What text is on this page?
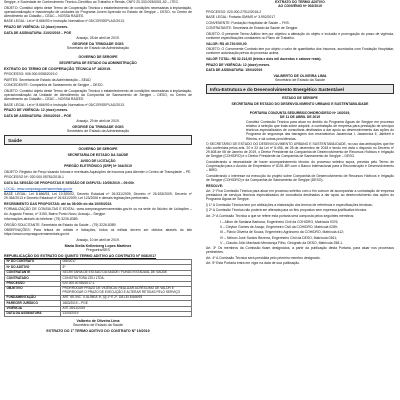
Sergipe, e Sociedade de Conhecimento Técnico-Científico ao Trabalho e Renda, CNPJ 20.333.093/0001-52 – ITEC.

OBJETO: Constitui objeto deste Termo de Cooperação Técnica o estabelecimento de condições necessárias à implantação, operacionalização e manutenção de unidades do Programa Jovem Aprendiz no Estado de Sergipe – DESO, no Centro de Atendimento ao Cidadão – CEAC – NOSSA RAÍZES.

BASE LEGAL: Lei nº 8.666/93 e Instrução Normativa nº 03/CGR/SEPLAG/2013.

PRAZO DE VIGÊNCIA: 12 (doze) meses.

DATA DE ASSINATURA: 21/02/2019 – PGE

Aracaju, 28 de abril de 2019.

GEORGE DA TRINDADE GOIS
Secretário de Estado da Administração

GOVERNO DE SERGIPE

SECRETARIA DE ESTADO DA ADMINISTRAÇÃO

EXTRATO DO TERMO DE COOPERAÇÃO TÉCNICA Nº 18/2019.

PROCESSO: 006.000.0058/2019-0

PARTES: Secretaria de Estado da Administração – SEAD

CONCEDENTE: Companhia de Saneamento de Sergipe – DESO.

OBJETO: Constitui objeto deste Termo de Cooperação Técnica o estabelecimento de condições necessárias à implantação, operacionalização da Unidade de Atendimento da Companhia de Saneamento de Sergipe – DESO, no Centro de Atendimento ao Cidadão – CEAC – NOSSA RAÍZES.

BASE LEGAL: Lei nº 8.666/93 e Instrução Normativa nº 03/CGR/SEPLAG/2013.

PRAZO DE VIGÊNCIA: 12 (doze) meses.

DATA DE ASSINATURA: 25/04/2019 – PGE

Aracaju, 29 de abril de 2019.

GEORGE DA TRINDADE GOIS
Secretário de Estado da Administração
Saúde

GOVERNO DE SERGIPE

SECRETARIA DE ESTADO DA SAÚDE

AVISO DE LICITAÇÃO

PREGÃO ELETRÔNICO (SRP) Nº 044/2019

OBJETO: Registro de Preço visando futuras e eventuais Aquisições de Insumos para Atender o Centro de Transplante – PE.

PROCESSO Nº: 020.000.05781/2018-1

DATA DA SESSÃO DE PROPOSTAS E SESSÃO DE DISPUTA: 10/05/2019 – 09:00h

LOCAL: www.comprasgovernamentais.gov.br

BASE LEGAL: Lei 8.666/93, Lei 10.520/02, Decreto Estadual nº 26.531/2009, Decreto nº 26.533/2009, Decreto nº 29.364/2013 e Decreto Estadual nº 26.531/2009, Lei 123/2006 e demais legislações pertinentes.

RECEBIMENTO DAS PROPOSTAS: até às 08:00h do dia 10/05/2019.

FORMALIZAÇÃO DE CONSULTAS E EDITAL: www.comprasgovernamentais.gov.br ou na sede do Núcleo de Licitações – Av. Augusto Franco, nº 3150, Bairro Ponto Novo, Aracaju – Sergipe.

Informações através do telefone: (79) 3226-8389.

ÓRGÃO SOLICITANTE: Secretaria de Estado da Saúde – (79) 3226-8389.

OBSERVAÇÕES: Para leitura de editais e licitações, todos os editais devem ser obtidos através do site https://www.comprasgovernamentais.gov.br

Aracaju, 10 de abril de 2019.

Maria Stella Kellenberg Lopes Martinez
Pregoeira/SES
REPUBLICAÇÃO DO EXTRATO DO QUINTO TERMO ADITIVO AO CONTRATO Nº 068/2017
Nº DO CONTRATO	068/2017
Nº DO ADITIVO	5º
CONTRATANTE	SECRETARIA DE ESTADO DA SAÚDE / FUNDO ESTADUAL DE SAÚDE
CONTRATADO	CONSTRUTORA CELI LTDA.
PROCESSO	020.000.00785/2017-1
OBJETIVO	PRORROGAR PRAZO DE VIGÊNCIA; REALIZAR ACRÉSCIMO DE VALOR E PRORROGAR O PRAZO DE EXECUÇÃO E ALTERAR RETIDAS PELO SERVIÇO
FUNDAMENTAÇÃO	ART. 65, INC. II, ALÍNEA 'b', §§ 1º E 2º, DA LEI 8.666/93
PARECER JURÍDICO	1883/2019 – PGE
VIGÊNCIA	ATÉ 28/11/2019
DATA DA ASSINATURA	13/03/2019
Valberto de Oliveira Lima
Secretário de Estado da Saúde
EXTRATO DO 1º TERMO ADITIVO DO CONTRATO Nº 19/2019

EXTRATO DO TERMO ADITIVO
AO CONVÊNIO Nº 002/2019

PROCESSO: 020.000.27512/2018-2

BASE LEGAL: Portaria GM/MS nº 3.992/2017

CONVENENTE: Fundação Hospitalar de Saúde – FHS.

CONTRATANTE: Secretaria de Estado da Saúde de Sergipe.

OBJETO: O presente Termo Aditivo tem por objetivo a alteração do objeto e inclusão e prorrogação do prazo de vigência, conforme especificações constantes no Plano de Trabalho.

VALOR: R$ 40.730.000,00

OBJETO: O Convenente Contrato tem por objeto o valor de quantitativo dos Insumos, acordados com Fundação Hospitalar, conforme autorização prévia do processo acima.

VALOR TOTAL: R$ 32.214,00 (trinta e dois mil duzentos e catorze reais).

PRAZO DE VIGÊNCIA: 12 (doze) meses.

DATA DE ASSINATURA: 15/04/2019

VALBERTO DE OLIVEIRA LIMA
Secretário de Estado da Saúde
Infra-Estrutura e do Desenvolvimento Energético Sustentável

ESTADO DE SERGIPE

SECRETARIA DE ESTADO DO DESENVOLVIMENTO URBANO E SUSTENTABILIDADE

PORTARIA CONJUNTA SEDURBS/COHIDRO/DESO Nº 16/2019,
DE 11 DE ABRIL DE 2019

Constitui Comissão Técnica para atuar no âmbito do Programa Águas de Sergipe em processo relativo à seleção que trata sobre adquirir, a contratação de empresa para prestação de serviços técnicos especializados de consultoria destinados a dar apoio ao desenvolvimento das ações do Programa de segurança das barragens dos reservatórios Jacarecica I, Jacarecica II, Jabiberi e Ribeira, e dá outras providências.

O SECRETÁRIO DE ESTADO DO DESENVOLVIMENTO URBANO E SUSTENTABILIDADE, no uso das atribuições que lhe são conferidas pelos arts. 20 e 22 da Lei nº 8.496, de 28 de dezembro de 2018 e tendo em vista o disposto no Decreto nº 29.608 de 08 de Janeiro de 2019, o Diretor Presidente da Companhia de Desenvolvimento de Recursos Hídricos e Irrigação de Sergipe (COHIDRO) e o Diretor Presidente da Companhia de Saneamento de Sergipe – DESO.

Considerando a necessidade de haver acompanhamento técnico do processo seletivo supra, prevista pelo Termo de Cooperação para o Acordo de Empréstimo nº 8151-BR com o Banco Internacional para a Reconstrução e Desenvolvimento – BIRD.

Considerando o interesse na execução do projeto sobre Companhia de Desenvolvimento de Recursos Hídricos e Irrigação de Sergipe (COHIDRO) e da Companhia de Saneamento de Sergipe (DESO).

RESOLVE:

Art. 1º Fica Comissão Técnica para atuar em processo seletivo com o fim comum de acompanhar a contratação de empresa prestadora de serviços técnicos especializados de consultoria destinados a dar apoio ao desenvolvimento das ações do Programa Águas de Sergipe.

§ 1º A Comissão Técnica tem por atribuições a elaboração dos termos de referência e especificações técnicas;

§ 2º A Comissão Técnica não poderá ser alterada para os fins propostos sem expressa justificativa técnica.

Art. 2º A Comissão Técnica a que se refere esta portaria será composta pelos seguintes membros:

I – Ailton de Santana Barbosa, Engenheiro Civil da COHIDRO, Matrícula 0376;

II – Cleyton Gomes de Araujo, Engenheiro Civil da COHIDRO, Matrícula 0289;

III – Flávio Oliveira de Souza, Engenheiro Agrônomo da COHIDRO, Matrícula 412;

IV – Nelson José Santos Bezerra, Engenheiro Civil da DESO, Matrícula 0361;

V – Claudio Júlio Machado Mendonça Filho, Geógrafo da DESO, Matrícula 258-1.

Art. 3º Os membros da Comissão ficam designados, a partir da publicação desta Portaria, para atuar nos processos pertinentes.

Art. 4º A Comissão Técnica será presidida pelo primeiro membro designado.

Art. 5º Esta Portaria entra em vigor na data de sua publicação.
